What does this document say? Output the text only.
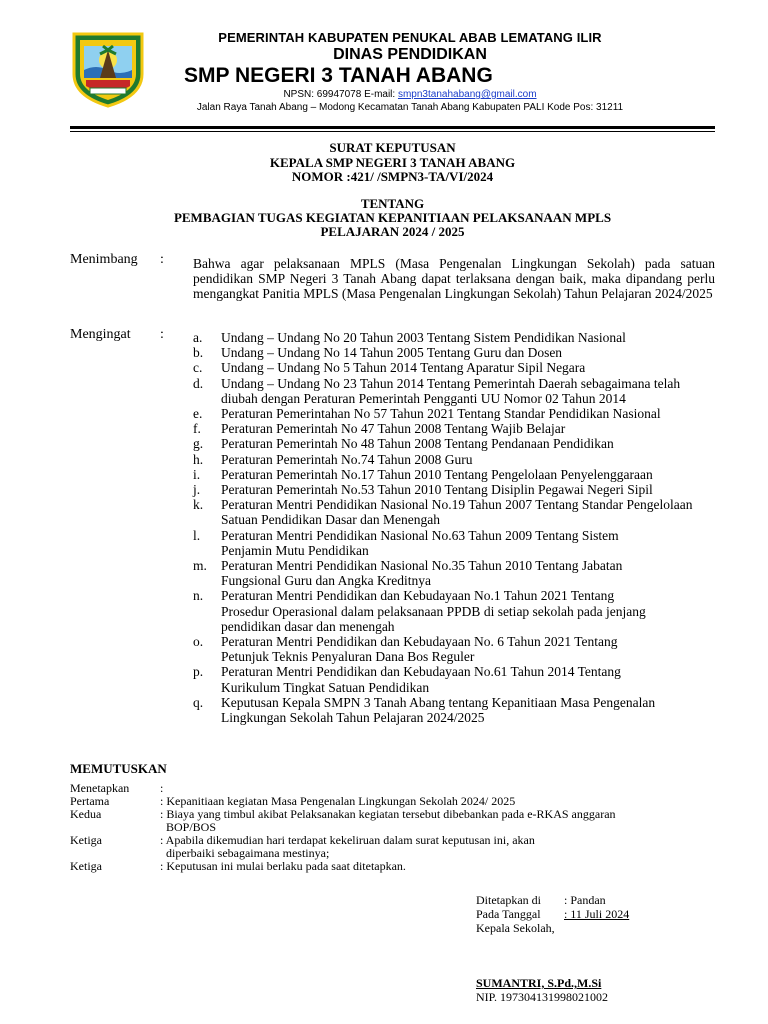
PEMERINTAH KABUPATEN PENUKAL ABAB LEMATANG ILIR
DINAS PENDIDIKAN
SMP NEGERI 3 TANAH ABANG
NPSN: 69947078 E-mail: smpn3tanahabang@gmail.com
Jalan Raya Tanah Abang – Modong Kecamatan Tanah Abang Kabupaten PALI Kode Pos: 31211
SURAT KEPUTUSAN
KEPALA SMP NEGERI 3 TANAH ABANG
NOMOR :421/ /SMPN3-TA/VI/2024
TENTANG
PEMBAGIAN TUGAS KEGIATAN KEPANITIAAN PELAKSANAAN MPLS
PELAJARAN 2024 / 2025
Menimbang : Bahwa agar pelaksanaan MPLS (Masa Pengenalan Lingkungan Sekolah) pada satuan pendidikan SMP Negeri 3 Tanah Abang dapat terlaksana dengan baik, maka dipandang perlu mengangkat Panitia MPLS (Masa Pengenalan Lingkungan Sekolah) Tahun Pelajaran 2024/2025
Mengingat : a. Undang – Undang No 20 Tahun 2003 Tentang Sistem Pendidikan Nasional
b. Undang – Undang No 14 Tahun 2005 Tentang Guru dan Dosen
c. Undang – Undang No 5 Tahun 2014 Tentang Aparatur Sipil Negara
d. Undang – Undang No 23 Tahun 2014 Tentang Pemerintah Daerah sebagaimana telah
diubah dengan Peraturan Pemerintah Pengganti UU Nomor 02 Tahun 2014
e. Peraturan Pemerintahan No 57 Tahun 2021 Tentang Standar Pendidikan Nasional
f. Peraturan Pemerintah No 47 Tahun 2008 Tentang Wajib Belajar
g. Peraturan Pemerintah No 48 Tahun 2008 Tentang Pendanaan Pendidikan
h. Peraturan Pemerintah No.74 Tahun 2008 Guru
i. Peraturan Pemerintah No.17 Tahun 2010 Tentang Pengelolaan Penyelenggaraan
j. Peraturan Pemerintah No.53 Tahun 2010 Tentang Disiplin Pegawai Negeri Sipil
k. Peraturan Mentri Pendidikan Nasional No.19 Tahun 2007 Tentang Standar Pengelolaan
Satuan Pendidikan Dasar dan Menengah
l. Peraturan Mentri Pendidikan Nasional No.63 Tahun 2009 Tentang Sistem
Penjamin Mutu Pendidikan
m. Peraturan Mentri Pendidikan Nasional No.35 Tahun 2010 Tentang Jabatan
Fungsional Guru dan Angka Kreditnya
n. Peraturan Mentri Pendidikan dan Kebudayaan No.1 Tahun 2021 Tentang
Prosedur Operasional dalam pelaksanaan PPDB di setiap sekolah pada jenjang
pendidikan dasar dan menengah
o. Peraturan Mentri Pendidikan dan Kebudayaan No. 6 Tahun 2021 Tentang
Petunjuk Teknis Penyaluran Dana Bos Reguler
p. Peraturan Mentri Pendidikan dan Kebudayaan No.61 Tahun 2014 Tentang
Kurikulum Tingkat Satuan Pendidikan
q. Keputusan Kepala SMPN 3 Tanah Abang tentang Kepanitiaan Masa Pengenalan
Lingkungan Sekolah Tahun Pelajaran 2024/2025
MEMUTUSKAN
Menetapkan	:
Pertama	: Kepanitiaan kegiatan Masa Pengenalan Lingkungan Sekolah 2024/ 2025
Kedua	: Biaya yang timbul akibat Pelaksanakan kegiatan tersebut dibebankan pada e-RKAS anggaran
BOP/BOS
Ketiga	: Apabila dikemudian hari terdapat kekeliruan dalam surat keputusan ini, akan
diperbaiki sebagaimana mestinya;
Ketiga	: Keputusan ini mulai berlaku pada saat ditetapkan.
Ditetapkan di : Pandan
Pada Tanggal : 11 Juli 2024
Kepala Sekolah,
SUMANTRI, S.Pd.,M.Si
NIP. 197304131998021002
